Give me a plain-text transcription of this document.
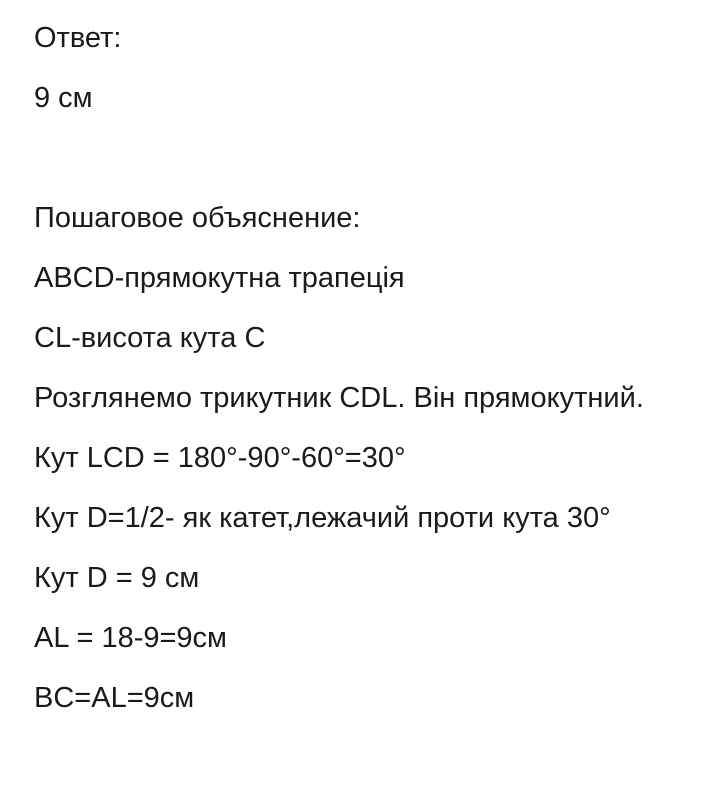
Ответ:
9 см
Пошаговое объяснение:
ABCD-прямокутна трапеція
CL-висота кута C
Розглянемо трикутник CDL. Він прямокутний.
Кут LCD = 180°-90°-60°=30°
Кут D=1/2- як катет,лежачий проти кута 30°
Кут D = 9 см
AL = 18-9=9см
BC=AL=9см
